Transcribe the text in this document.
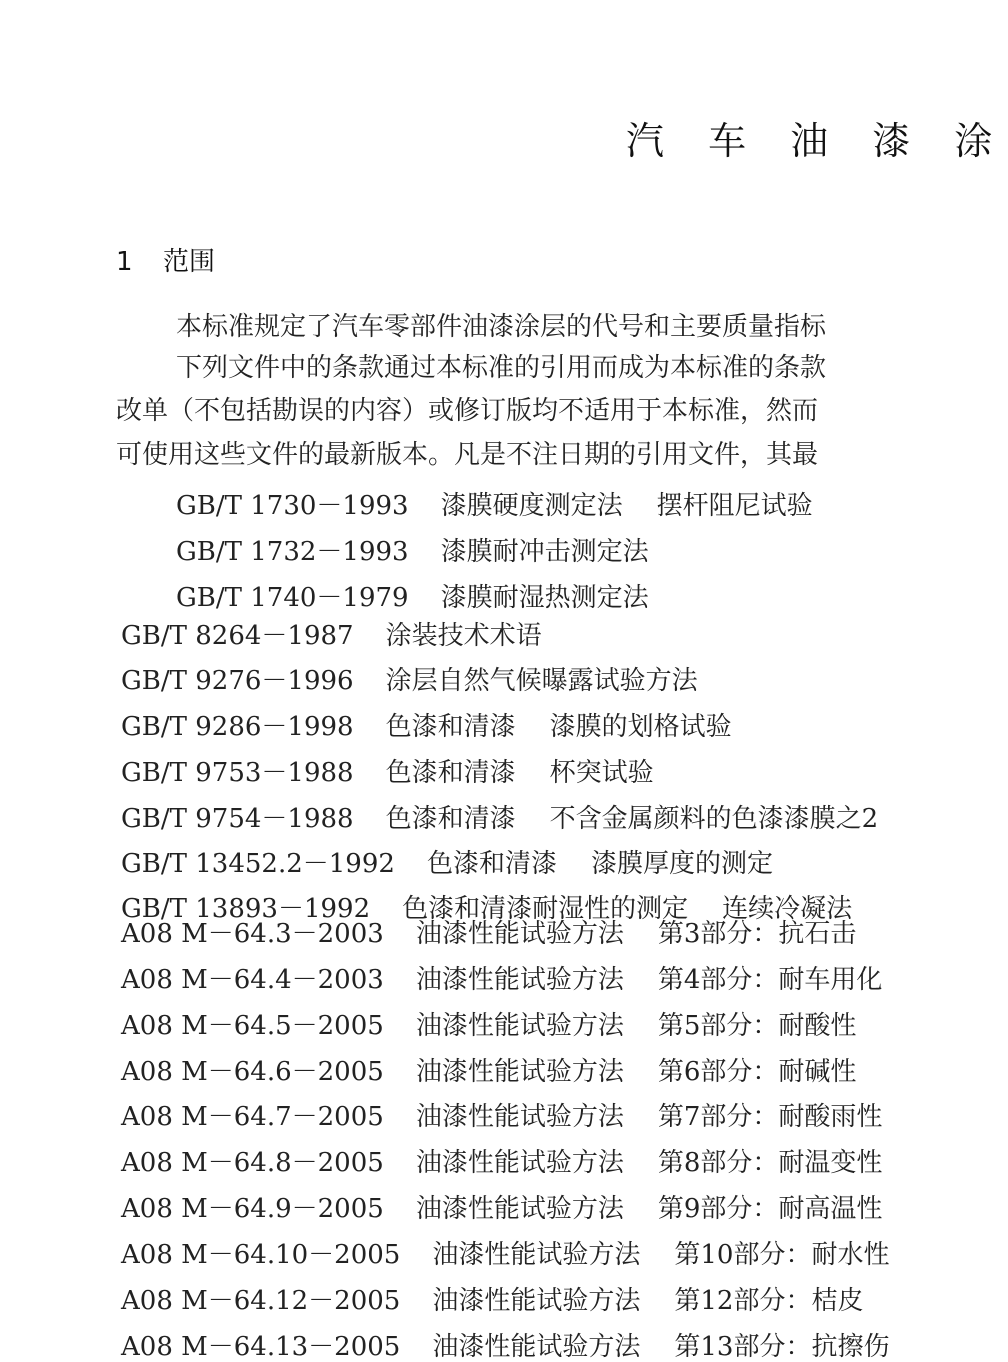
汽 车 油 漆 涂
1 范围
本标准规定了汽车零部件油漆涂层的代号和主要质量指标
下列文件中的条款通过本标准的引用而成为本标准的条款
改单（不包括勘误的内容）或修订版均不适用于本标准，然而
可使用这些文件的最新版本。凡是不注日期的引用文件，其最
GB/T 1730－1993 漆膜硬度测定法 摆杆阻尼试验
GB/T 1732－1993 漆膜耐冲击测定法
GB/T 1740－1979 漆膜耐湿热测定法
GB/T 8264－1987 涂装技术术语
GB/T 9276－1996 涂层自然气候曝露试验方法
GB/T 9286－1998 色漆和清漆 漆膜的划格试验
GB/T 9753－1988 色漆和清漆 杯突试验
GB/T 9754－1988 色漆和清漆 不含金属颜料的色漆漆膜之2
GB/T 13452.2－1992 色漆和清漆 漆膜厚度的测定
GB/T 13893－1992 色漆和清漆耐湿性的测定 连续冷凝法
A08 M－64.3－2003 油漆性能试验方法 第3部分：抗石击
A08 M－64.4－2003 油漆性能试验方法 第4部分：耐车用化
A08 M－64.5－2005 油漆性能试验方法 第5部分：耐酸性
A08 M－64.6－2005 油漆性能试验方法 第6部分：耐碱性
A08 M－64.7－2005 油漆性能试验方法 第7部分：耐酸雨性
A08 M－64.8－2005 油漆性能试验方法 第8部分：耐温变性
A08 M－64.9－2005 油漆性能试验方法 第9部分：耐高温性
A08 M－64.10－2005 油漆性能试验方法 第10部分：耐水性
A08 M－64.12－2005 油漆性能试验方法 第12部分：桔皮
A08 M－64.13－2005 油漆性能试验方法 第13部分：抗擦伤
